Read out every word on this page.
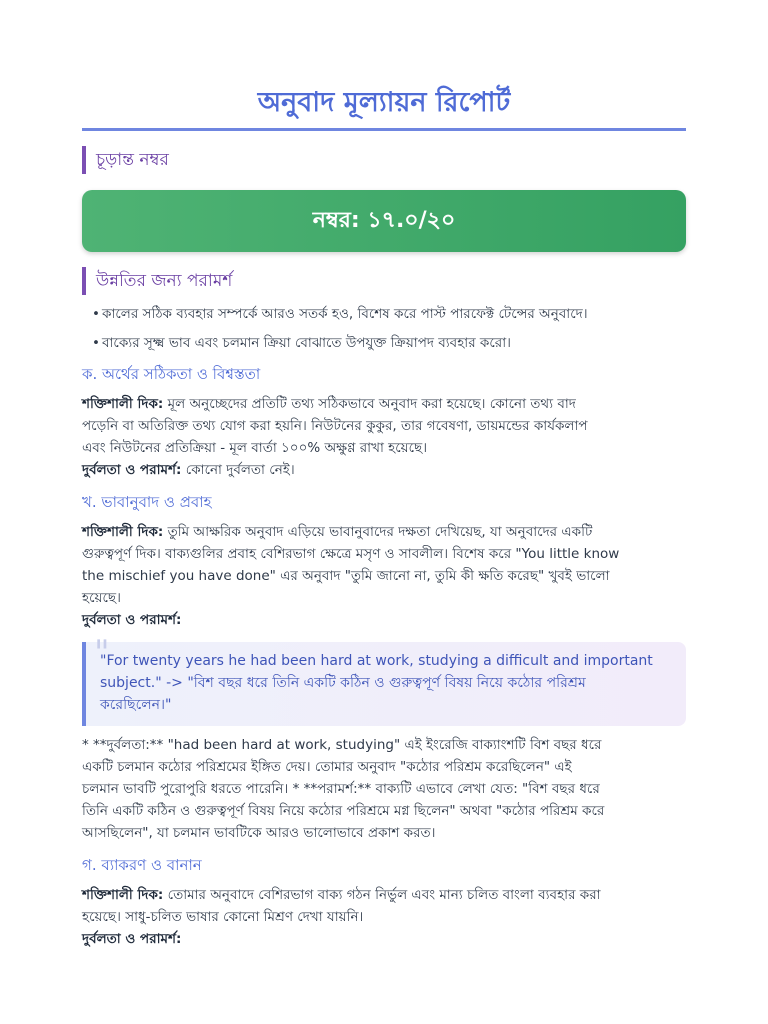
অনুবাদ মূল্যায়ন রিপোর্ট
চূড়ান্ত নম্বর
নম্বর: ১৭.০/২০
উন্নতির জন্য পরামর্শ
• কালের সঠিক ব্যবহার সম্পর্কে আরও সতর্ক হও, বিশেষ করে পাস্ট পারফেক্ট টেন্সের অনুবাদে।
• বাক্যের সূক্ষ্ম ভাব এবং চলমান ক্রিয়া বোঝাতে উপযুক্ত ক্রিয়াপদ ব্যবহার করো।
ক. অর্থের সঠিকতা ও বিশ্বস্ততা
শক্তিশালী দিক: মূল অনুচ্ছেদের প্রতিটি তথ্য সঠিকভাবে অনুবাদ করা হয়েছে। কোনো তথ্য বাদ
পড়েনি বা অতিরিক্ত তথ্য যোগ করা হয়নি। নিউটনের কুকুর, তার গবেষণা, ডায়মন্ডের কার্যকলাপ
এবং নিউটনের প্রতিক্রিয়া - মূল বার্তা ১০০% অক্ষুণ্ণ রাখা হয়েছে।
দুর্বলতা ও পরামর্শ: কোনো দুর্বলতা নেই।
খ. ভাবানুবাদ ও প্রবাহ
শক্তিশালী দিক: তুমি আক্ষরিক অনুবাদ এড়িয়ে ভাবানুবাদের দক্ষতা দেখিয়েছ, যা অনুবাদের একটি
গুরুত্বপূর্ণ দিক। বাক্যগুলির প্রবাহ বেশিরভাগ ক্ষেত্রে মসৃণ ও সাবলীল। বিশেষ করে "You little know
the mischief you have done" এর অনুবাদ "তুমি জানো না, তুমি কী ক্ষতি করেছ" খুবই ভালো
হয়েছে।
দুর্বলতা ও পরামর্শ:
"
"For twenty years he had been hard at work, studying a difficult and important
subject." -> "বিশ বছর ধরে তিনি একটি কঠিন ও গুরুত্বপূর্ণ বিষয় নিয়ে কঠোর পরিশ্রম
করেছিলেন।"
* **দুর্বলতা:** "had been hard at work, studying" এই ইংরেজি বাক্যাংশটি বিশ বছর ধরে
একটি চলমান কঠোর পরিশ্রমের ইঙ্গিত দেয়। তোমার অনুবাদ "কঠোর পরিশ্রম করেছিলেন" এই
চলমান ভাবটি পুরোপুরি ধরতে পারেনি। * **পরামর্শ:** বাক্যটি এভাবে লেখা যেত: "বিশ বছর ধরে
তিনি একটি কঠিন ও গুরুত্বপূর্ণ বিষয় নিয়ে কঠোর পরিশ্রমে মগ্ন ছিলেন" অথবা "কঠোর পরিশ্রম করে
আসছিলেন", যা চলমান ভাবটিকে আরও ভালোভাবে প্রকাশ করত।
গ. ব্যাকরণ ও বানান
শক্তিশালী দিক: তোমার অনুবাদে বেশিরভাগ বাক্য গঠন নির্ভুল এবং মান্য চলিত বাংলা ব্যবহার করা
হয়েছে। সাধু-চলিত ভাষার কোনো মিশ্রণ দেখা যায়নি।
দুর্বলতা ও পরামর্শ:
